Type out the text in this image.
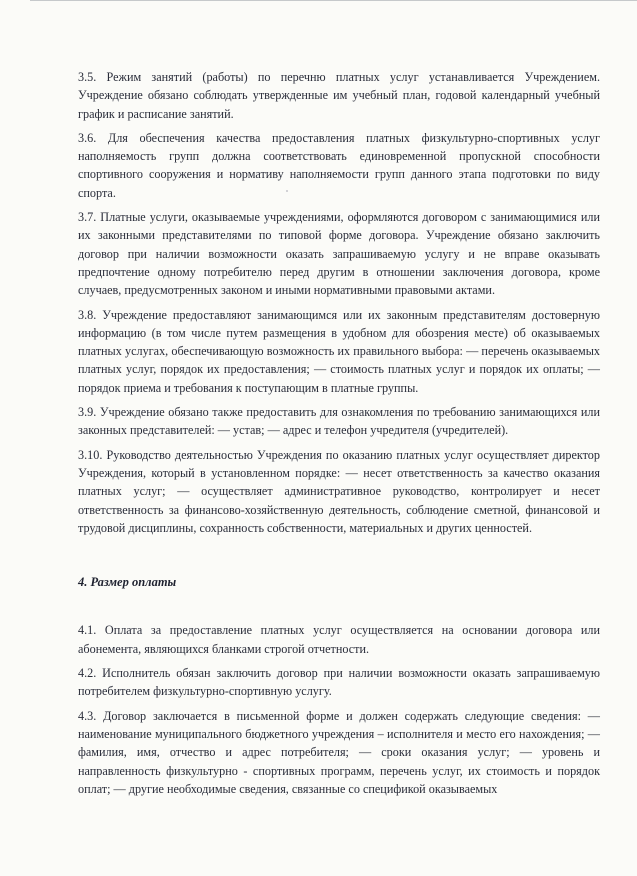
3.5. Режим занятий (работы) по перечню платных услуг устанавливается Учреждением. Учреждение обязано соблюдать утвержденные им учебный план, годовой календарный учебный график и расписание занятий.

3.6. Для обеспечения качества предоставления платных физкультурно-спортивных услуг наполняемость групп должна соответствовать единовременной пропускной способности спортивного сооружения и нормативу наполняемости групп данного этапа подготовки по виду спорта.

3.7. Платные услуги, оказываемые учреждениями, оформляются договором с занимающимися или их законными представителями по типовой форме договора. Учреждение обязано заключить договор при наличии возможности оказать запрашиваемую услугу и не вправе оказывать предпочтение одному потребителю перед другим в отношении заключения договора, кроме случаев, предусмотренных законом и иными нормативными правовыми актами.

3.8. Учреждение предоставляют занимающимся или их законным представителям достоверную информацию (в том числе путем размещения в удобном для обозрения месте) об оказываемых платных услугах, обеспечивающую возможность их правильного выбора: — перечень оказываемых платных услуг, порядок их предоставления; — стоимость платных услуг и порядок их оплаты; — порядок приема и требования к поступающим в платные группы.

3.9. Учреждение обязано также предоставить для ознакомления по требованию занимающихся или законных представителей: — устав; — адрес и телефон учредителя (учредителей).

3.10. Руководство деятельностью Учреждения по оказанию платных услуг осуществляет директор Учреждения, который в установленном порядке: — несет ответственность за качество оказания платных услуг; — осуществляет административное руководство, контролирует и несет ответственность за финансово-хозяйственную деятельность, соблюдение сметной, финансовой и трудовой дисциплины, сохранность собственности, материальных и других ценностей.

4. Размер оплаты

4.1. Оплата за предоставление платных услуг осуществляется на основании договора или абонемента, являющихся бланками строгой отчетности.

4.2. Исполнитель обязан заключить договор при наличии возможности оказать запрашиваемую потребителем физкультурно-спортивную услугу.

4.3. Договор заключается в письменной форме и должен содержать следующие сведения: — наименование муниципального бюджетного учреждения – исполнителя и место его нахождения; — фамилия, имя, отчество и адрес потребителя; — сроки оказания услуг; — уровень и направленность физкультурно - спортивных программ, перечень услуг, их стоимость и порядок оплат; — другие необходимые сведения, связанные со спецификой оказываемых
